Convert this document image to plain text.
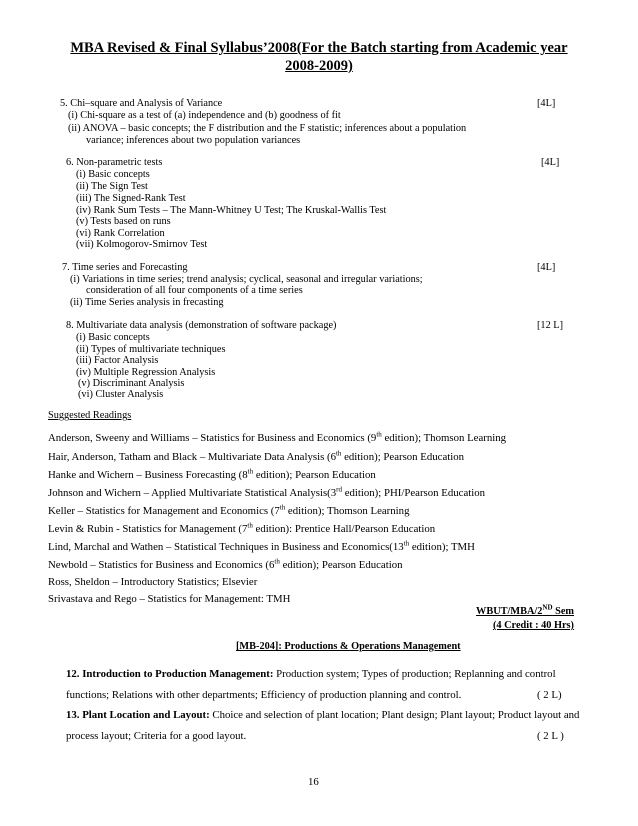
MBA Revised & Final Syllabus’2008(For the Batch starting from Academic year
2008-2009)
5. Chi–square and Analysis of Variance	[4L]
(i) Chi-square as a test of (a) independence and (b) goodness of fit
(ii) ANOVA – basic concepts; the F distribution and the F statistic; inferences about a population
variance; inferences about two population variances
6. Non-parametric tests	[4L]
(i) Basic concepts
(ii) The Sign Test
(iii) The Signed-Rank Test
(iv) Rank Sum Tests – The Mann-Whitney U Test; The Kruskal-Wallis Test
(v) Tests based on runs
(vi) Rank Correlation
(vii) Kolmogorov-Smirnov Test
7. Time series and Forecasting	[4L]
(i) Variations in time series; trend analysis; cyclical, seasonal and irregular variations;
consideration of all four components of a time series
(ii) Time Series analysis in frecasting
8. Multivariate data analysis (demonstration of software package)	[12 L]
(i) Basic concepts
(ii) Types of multivariate techniques
(iii) Factor Analysis
(iv) Multiple Regression Analysis
(v) Discriminant Analysis
(vi) Cluster Analysis
Suggested Readings
Anderson, Sweeny and Williams – Statistics for Business and Economics (9th edition); Thomson Learning
Hair, Anderson, Tatham and Black – Multivariate Data Analysis (6th edition); Pearson Education
Hanke and Wichern – Business Forecasting (8th edition); Pearson Education
Johnson and Wichern – Applied Multivariate Statistical Analysis(3rd edition); PHI/Pearson Education
Keller – Statistics for Management and Economics (7th edition); Thomson Learning
Levin & Rubin - Statistics for Management (7th edition): Prentice Hall/Pearson Education
Lind, Marchal and Wathen – Statistical Techniques in Business and Economics(13th edition); TMH
Newbold – Statistics for Business and Economics (6th edition); Pearson Education
Ross, Sheldon – Introductory Statistics; Elsevier
Srivastava and Rego – Statistics for Management: TMH
WBUT/MBA/2ND Sem
(4 Credit : 40 Hrs)
[MB-204]: Productions & Operations Management
12. Introduction to Production Management: Production system; Types of production; Replanning and control
functions; Relations with other departments; Efficiency of production planning and control.	( 2 L)
13. Plant Location and Layout: Choice and selection of plant location; Plant design; Plant layout; Product layout and
process layout; Criteria for a good layout.	( 2 L )
16
